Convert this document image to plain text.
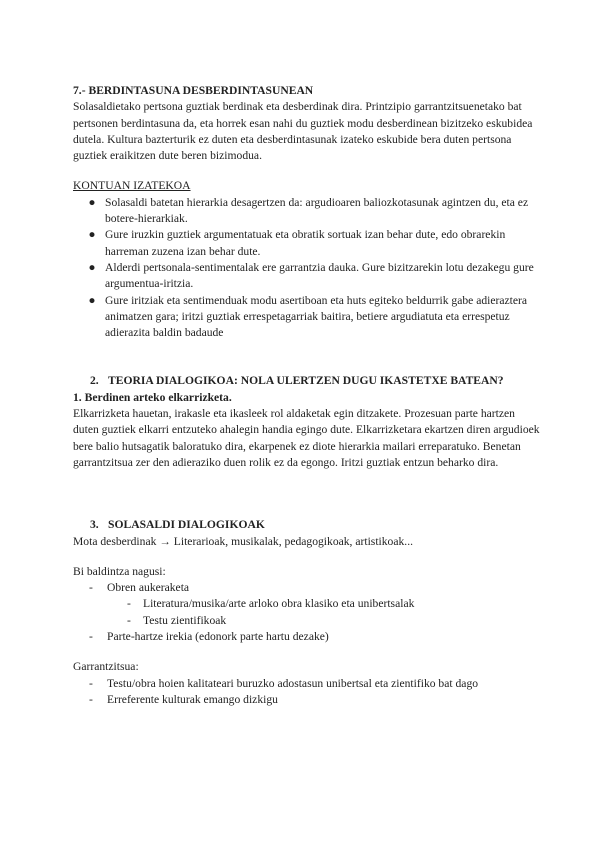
7.- BERDINTASUNA DESBERDINTASUNEAN

Solasaldietako pertsona guztiak berdinak eta desberdinak dira. Printzipio garrantzitsuenetako bat pertsonen berdintasuna da, eta horrek esan nahi du guztiek modu desberdinean bizitzeko eskubidea dutela. Kultura bazterturik ez duten eta desberdintasunak izateko eskubide bera duten pertsona guztiek eraikitzen dute beren bizimodua.

KONTUAN IZATEKOA

● Solasaldi batetan hierarkia desagertzen da: argudioaren baliozkotasunak agintzen du, eta ez botere-hierarkiak.
● Gure iruzkin guztiek argumentatuak eta obratik sortuak izan behar dute, edo obrarekin harreman zuzena izan behar dute.
● Alderdi pertsonala-sentimentalak ere garrantzia dauka. Gure bizitzarekin lotu dezakegu gure argumentua-iritzia.
● Gure iritziak eta sentimenduak modu asertiboan eta huts egiteko beldurrik gabe adieraztera animatzen gara; iritzi guztiak errespetagarriak baitira, betiere argudiatuta eta errespetuz adierazita baldin badaude
2. TEORIA DIALOGIKOA: NOLA ULERTZEN DUGU IKASTETXE BATEAN?

1. Berdinen arteko elkarrizketa.

Elkarrizketa hauetan, irakasle eta ikasleek rol aldaketak egin ditzakete. Prozesuan parte hartzen duten guztiek elkarri entzuteko ahalegin handia egingo dute. Elkarrizketara ekartzen diren argudioek bere balio hutsagatik baloratuko dira, ekarpenek ez diote hierarkia mailari erreparatuko. Benetan garrantzitsua zer den adieraziko duen rolik ez da egongo. Iritzi guztiak entzun beharko dira.

3. SOLASALDI DIALOGIKOAK

Mota desberdinak → Literarioak, musikalak, pedagogikoak, artistikoak...

Bi baldintza nagusi:

- Obren aukeraketa
- Literatura/musika/arte arloko obra klasiko eta unibertsalak
- Testu zientifikoak
- Parte-hartze irekia (edonork parte hartu dezake)

Garrantzitsua:

- Testu/obra hoien kalitateari buruzko adostasun unibertsal eta zientifiko bat dago
- Erreferente kulturak emango dizkigu
